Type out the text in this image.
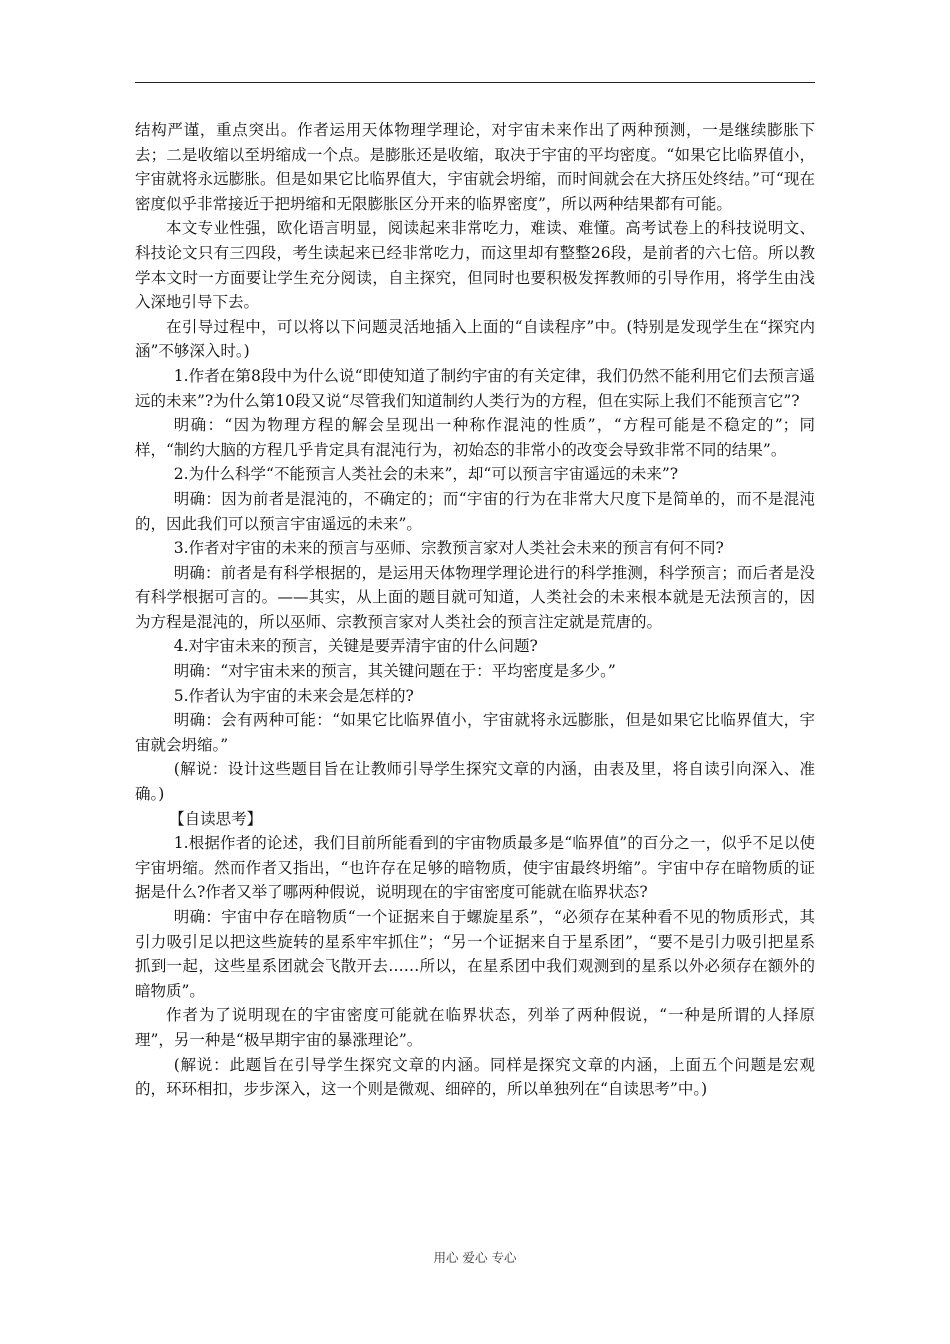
结构严谨，重点突出。作者运用天体物理学理论，对宇宙未来作出了两种预测，一是继续膨胀下去；二是收缩以至坍缩成一个点。是膨胀还是收缩，取决于宇宙的平均密度。“如果它比临界值小，宇宙就将永远膨胀。但是如果它比临界值大，宇宙就会坍缩，而时间就会在大挤压处终结。”可“现在密度似乎非常接近于把坍缩和无限膨胀区分开来的临界密度”，所以两种结果都有可能。

本文专业性强，欧化语言明显，阅读起来非常吃力，难读、难懂。高考试卷上的科技说明文、科技论文只有三四段，考生读起来已经非常吃力，而这里却有整整26段，是前者的六七倍。所以教学本文时一方面要让学生充分阅读，自主探究，但同时也要积极发挥教师的引导作用，将学生由浅入深地引导下去。

在引导过程中，可以将以下问题灵活地插入上面的“自读程序”中。(特别是发现学生在“探究内涵”不够深入时。)

1.作者在第8段中为什么说“即使知道了制约宇宙的有关定律，我们仍然不能利用它们去预言遥远的未来”?为什么第10段又说“尽管我们知道制约人类行为的方程，但在实际上我们不能预言它”?

明确：“因为物理方程的解会呈现出一种称作混沌的性质”，“方程可能是不稳定的”；同样，“制约大脑的方程几乎肯定具有混沌行为，初始态的非常小的改变会导致非常不同的结果”。

2.为什么科学“不能预言人类社会的未来”，却“可以预言宇宙遥远的未来”?

明确：因为前者是混沌的，不确定的；而“宇宙的行为在非常大尺度下是简单的，而不是混沌的，因此我们可以预言宇宙遥远的未来”。

3.作者对宇宙的未来的预言与巫师、宗教预言家对人类社会未来的预言有何不同?

明确：前者是有科学根据的，是运用天体物理学理论进行的科学推测，科学预言；而后者是没有科学根据可言的。——其实，从上面的题目就可知道，人类社会的未来根本就是无法预言的，因为方程是混沌的，所以巫师、宗教预言家对人类社会的预言注定就是荒唐的。

4.对宇宙未来的预言，关键是要弄清宇宙的什么问题?

明确：“对宇宙未来的预言，其关键问题在于：平均密度是多少。”

5.作者认为宇宙的未来会是怎样的?

明确：会有两种可能：“如果它比临界值小，宇宙就将永远膨胀，但是如果它比临界值大，宇宙就会坍缩。”

(解说：设计这些题目旨在让教师引导学生探究文章的内涵，由表及里，将自读引向深入、准确。)

【自读思考】

1.根据作者的论述，我们目前所能看到的宇宙物质最多是“临界值”的百分之一，似乎不足以使宇宙坍缩。然而作者又指出，“也许存在足够的暗物质，使宇宙最终坍缩”。宇宙中存在暗物质的证据是什么?作者又举了哪两种假说，说明现在的宇宙密度可能就在临界状态?

明确：宇宙中存在暗物质“一个证据来自于螺旋星系”，“必须存在某种看不见的物质形式，其引力吸引足以把这些旋转的星系牢牢抓住”；“另一个证据来自于星系团”，“要不是引力吸引把星系抓到一起，这些星系团就会飞散开去……所以，在星系团中我们观测到的星系以外必须存在额外的暗物质”。

作者为了说明现在的宇宙密度可能就在临界状态，列举了两种假说，“一种是所谓的人择原理”，另一种是“极早期宇宙的暴涨理论”。

(解说：此题旨在引导学生探究文章的内涵。同样是探究文章的内涵，上面五个问题是宏观的，环环相扣，步步深入，这一个则是微观、细碎的，所以单独列在“自读思考”中。)

用心 爱心 专心
